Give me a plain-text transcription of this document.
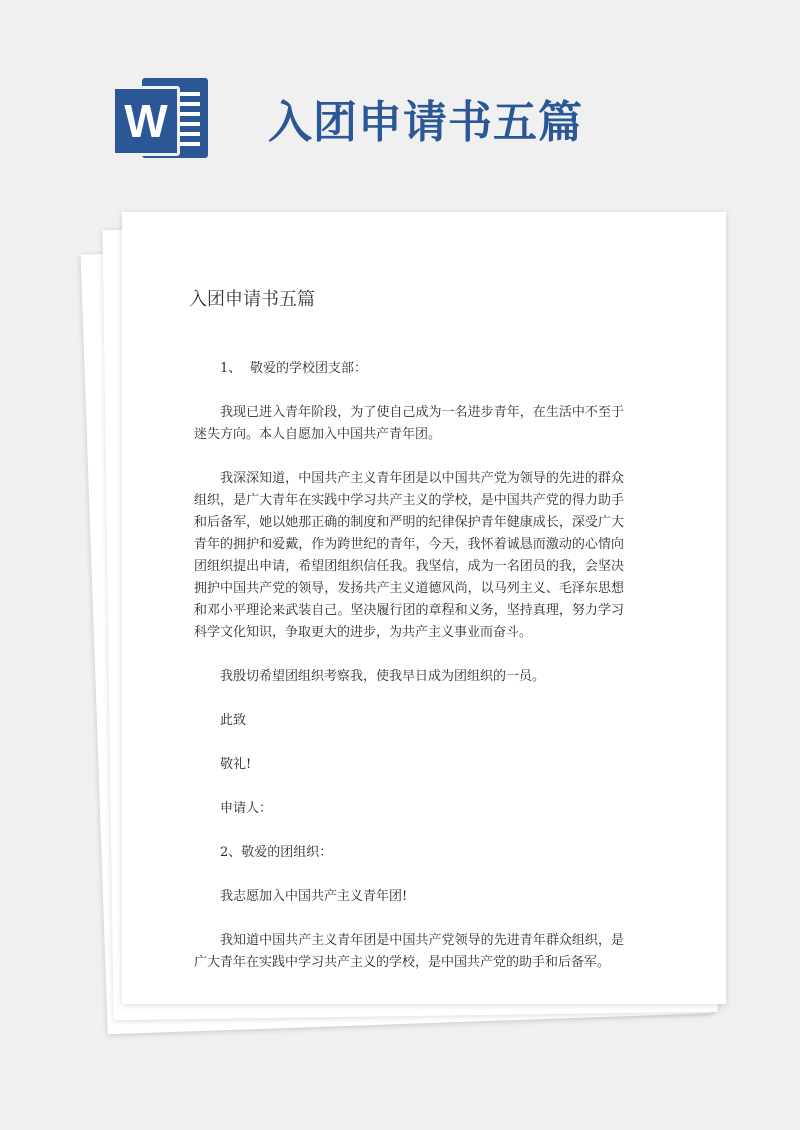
W 入团申请书五篇
入团申请书五篇

1、 敬爱的学校团支部：

我现已进入青年阶段，为了使自己成为一名进步青年，在生活中不至于迷失方向。本人自愿加入中国共产青年团。

我深深知道，中国共产主义青年团是以中国共产党为领导的先进的群众组织，是广大青年在实践中学习共产主义的学校，是中国共产党的得力助手和后备军，她以她那正确的制度和严明的纪律保护青年健康成长，深受广大青年的拥护和爱戴，作为跨世纪的青年，今天，我怀着诚恳而激动的心情向团组织提出申请，希望团组织信任我。我坚信，成为一名团员的我，会坚决拥护中国共产党的领导，发扬共产主义道德风尚，以马列主义、毛泽东思想和邓小平理论来武装自己。坚决履行团的章程和义务，坚持真理，努力学习科学文化知识，争取更大的进步，为共产主义事业而奋斗。

我殷切希望团组织考察我，使我早日成为团组织的一员。

此致

敬礼!

申请人：

2、敬爱的团组织：

我志愿加入中国共产主义青年团!

我知道中国共产主义青年团是中国共产党领导的先进青年群众组织，是广大青年在实践中学习共产主义的学校，是中国共产党的助手和后备军。
